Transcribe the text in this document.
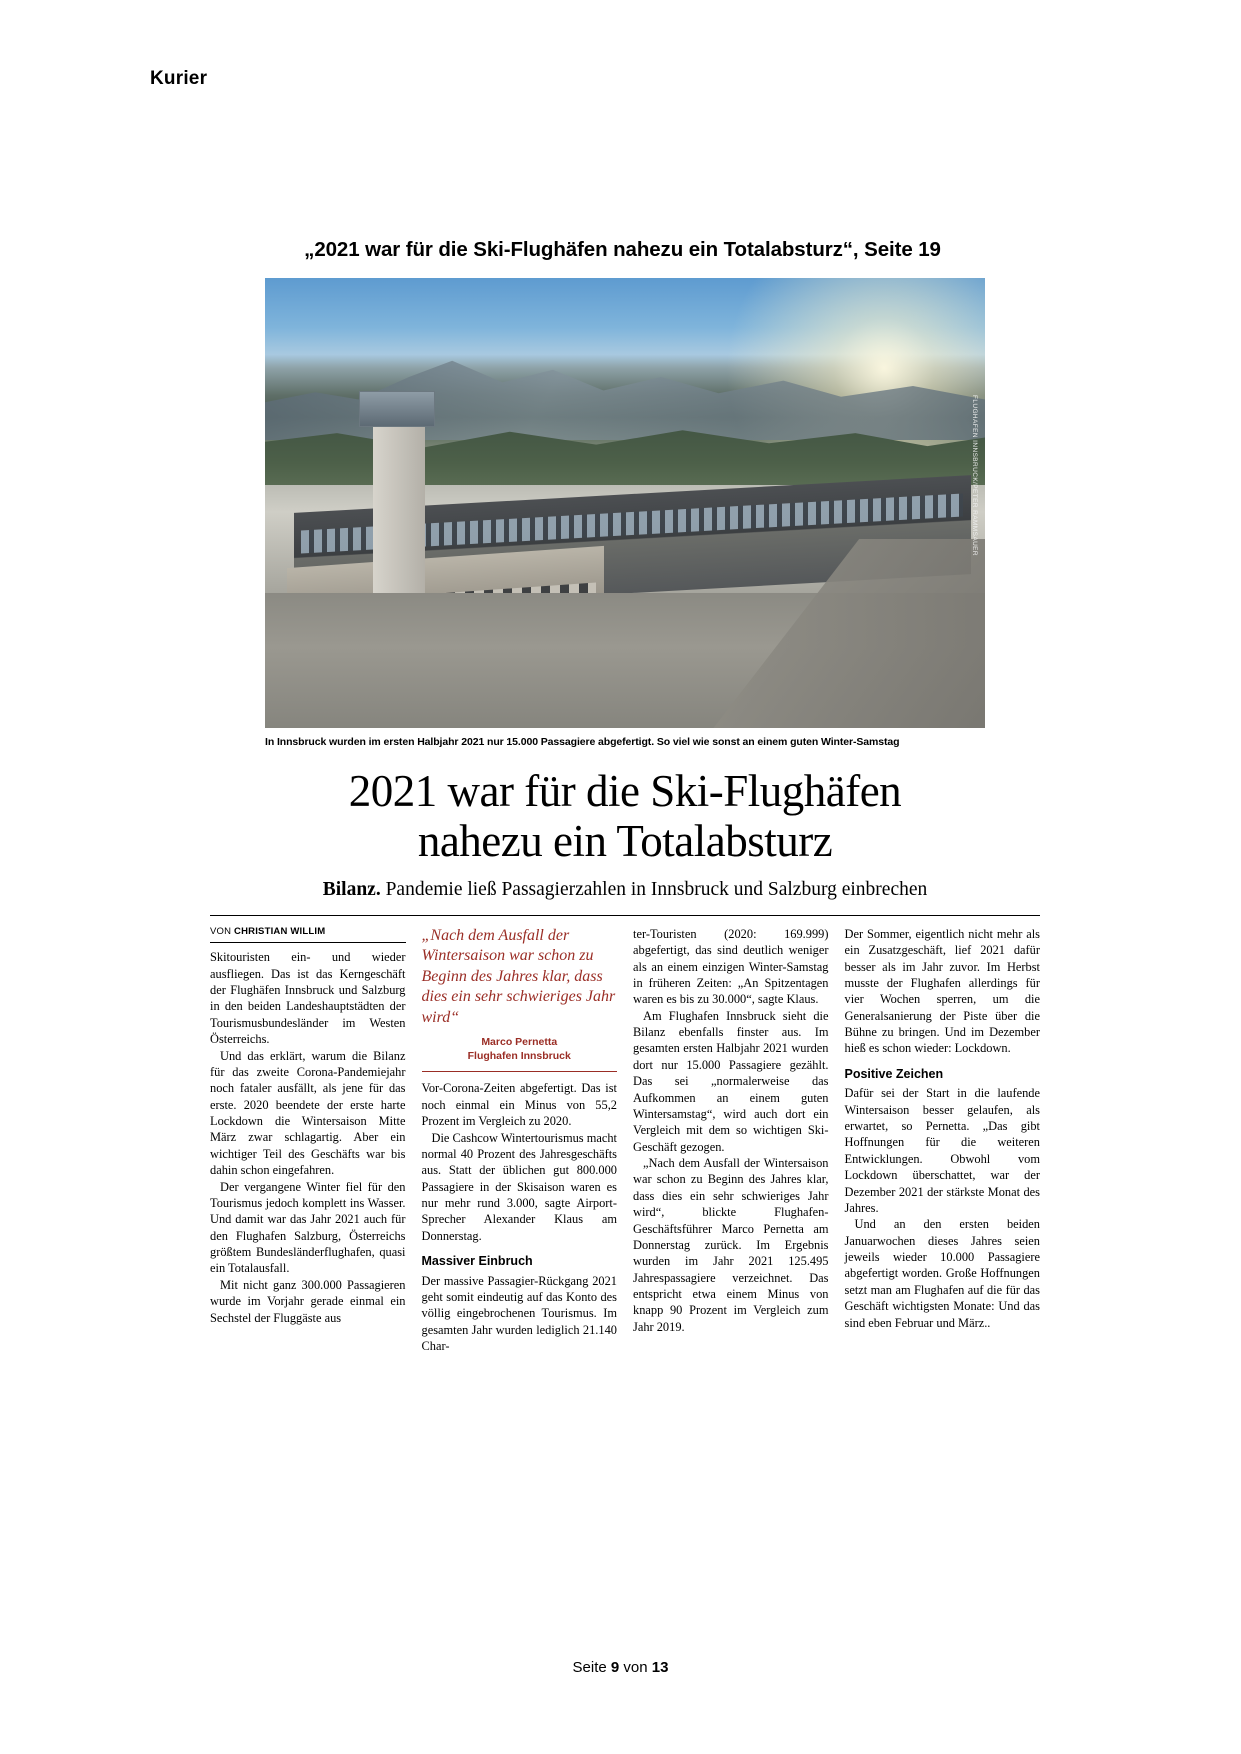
Kurier
„2021 war für die Ski-Flughäfen nahezu ein Totalabsturz“, Seite 19
FLUGHAFEN INNSBRUCK/PETER RAMMSAUER
In Innsbruck wurden im ersten Halbjahr 2021 nur 15.000 Passagiere abgefertigt. So viel wie sonst an einem guten Winter-Samstag
2021 war für die Ski-Flughäfen
nahezu ein Totalabsturz
Bilanz. Pandemie ließ Passagierzahlen in Innsbruck und Salzburg einbrechen
VON CHRISTIAN WILLIM

Skitouristen ein- und wieder ausfliegen. Das ist das Kerngeschäft der Flughäfen Innsbruck und Salzburg in den beiden Landeshauptstädten der Tourismusbundesländer im Westen Österreichs.

Und das erklärt, warum die Bilanz für das zweite Corona-Pandemiejahr noch fataler ausfällt, als jene für das erste. 2020 beendete der erste harte Lockdown die Wintersaison Mitte März zwar schlagartig. Aber ein wichtiger Teil des Geschäfts war bis dahin schon eingefahren.

Der vergangene Winter fiel für den Tourismus jedoch komplett ins Wasser. Und damit war das Jahr 2021 auch für den Flughafen Salzburg, Österreichs größtem Bundesländerflughafen, quasi ein Totalausfall.

Mit nicht ganz 300.000 Passagieren wurde im Vorjahr gerade einmal ein Sechstel der Fluggäste aus

„Nach dem Ausfall der Wintersaison war schon zu Beginn des Jahres klar, dass dies ein sehr schwieriges Jahr wird“
Marco Pernetta
Flughafen Innsbruck

Vor-Corona-Zeiten abgefertigt. Das ist noch einmal ein Minus von 55,2 Prozent im Vergleich zu 2020.

Die Cashcow Wintertourismus macht normal 40 Prozent des Jahresgeschäfts aus. Statt der üblichen gut 800.000 Passagiere in der Skisaison waren es nur mehr rund 3.000, sagte Airport-Sprecher Alexander Klaus am Donnerstag.

Massiver Einbruch

Der massive Passagier-Rückgang 2021 geht somit eindeutig auf das Konto des völlig eingebrochenen Tourismus. Im gesamten Jahr wurden lediglich 21.140 Char-

ter-Touristen (2020: 169.999) abgefertigt, das sind deutlich weniger als an einem einzigen Winter-Samstag in früheren Zeiten: „An Spitzentagen waren es bis zu 30.000“, sagte Klaus.

Am Flughafen Innsbruck sieht die Bilanz ebenfalls finster aus. Im gesamten ersten Halbjahr 2021 wurden dort nur 15.000 Passagiere gezählt. Das sei „normalerweise das Aufkommen an einem guten Wintersamstag“, wird auch dort ein Vergleich mit dem so wichtigen Ski-Geschäft gezogen.

„Nach dem Ausfall der Wintersaison war schon zu Beginn des Jahres klar, dass dies ein sehr schwieriges Jahr wird“, blickte Flughafen-Geschäftsführer Marco Pernetta am Donnerstag zurück. Im Ergebnis wurden im Jahr 2021 125.495 Jahrespassagiere verzeichnet. Das entspricht etwa einem Minus von knapp 90 Prozent im Vergleich zum Jahr 2019.

Der Sommer, eigentlich nicht mehr als ein Zusatzgeschäft, lief 2021 dafür besser als im Jahr zuvor. Im Herbst musste der Flughafen allerdings für vier Wochen sperren, um die Generalsanierung der Piste über die Bühne zu bringen. Und im Dezember hieß es schon wieder: Lockdown.

Positive Zeichen

Dafür sei der Start in die laufende Wintersaison besser gelaufen, als erwartet, so Pernetta. „Das gibt Hoffnungen für die weiteren Entwicklungen. Obwohl vom Lockdown überschattet, war der Dezember 2021 der stärkste Monat des Jahres.

Und an den ersten beiden Januarwochen dieses Jahres seien jeweils wieder 10.000 Passagiere abgefertigt worden. Große Hoffnungen setzt man am Flughafen auf die für das Geschäft wichtigsten Monate: Und das sind eben Februar und März..

Seite 9 von 13
